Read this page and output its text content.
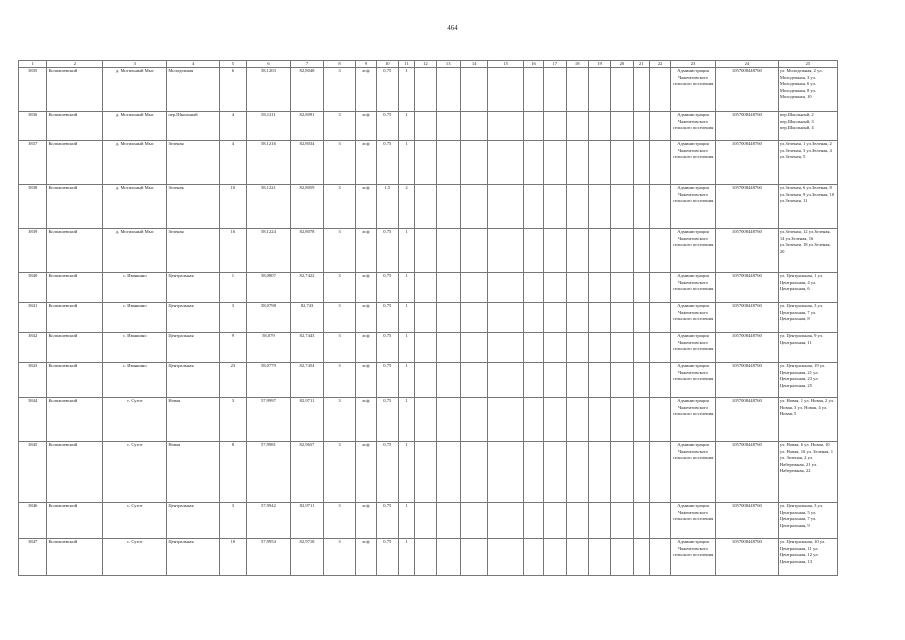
464
1	2	3	4	5	6	7	8	9	10	11	12	13	14	15	16	17	18	19	20	21	22	23	24	25
3835	Колпашевский	д. Могильный Мыс	Молодежная	6	58,1203	82,8048	3	асф	0,75	1												Администрация Чажемтовского сельского поселения	1057008448760	ул. Молодежная, 2 ул. Молодежная, 3 ул. Молодежная, 6 ул. Молодежная, 8 ул. Молодежная, 10
3836	Колпашевский	д. Могильный Мыс	пер.Школьный	4	58,1211	82,8091	3	асф	0,75	1												Администрация Чажемтовского сельского поселения	1057008448760	пер.Школьный, 2 пер.Школьный, 3 пер.Школьный, 4
3837	Колпашевский	д. Могильный Мыс	Зеленая	4	58,1216	82,8034	3	асф	0,75	1												Администрация Чажемтовского сельского поселения	1057008448760	ул.Зеленая, 1 ул.Зеленая, 2 ул.Зеленая, 3 ул.Зеленая, 4 ул.Зеленая, 5
3838	Колпашевский	д. Могильный Мыс	Зеленая	10	58,1221	82,8059	3	асф	1,5	2												Администрация Чажемтовского сельского поселения	1057008448760	ул.Зеленая, 6 ул.Зеленая, 8 ул.Зеленая, 9 ул.Зеленая, 10 ул.Зеленая, 11
3839	Колпашевский	д. Могильный Мыс	Зеленая	16	58,1224	82,8078	3	асф	0,75	1												Администрация Чажемтовского сельского поселения	1057008448760	ул.Зеленая, 12 ул.Зеленая, 14 ул.Зеленая, 16 ул.Зеленая, 18 ул.Зеленая, 20
3840	Колпашевский	с. Иванкино	Центральная	1	58,0807	82,7422	3	асф	0,75	1												Администрация Чажемтовского сельского поселения	1057008448760	ул. Центральная, 1 ул. Центральная, 4 ул. Центральная, 6
3841	Колпашевский	с. Иванкино	Центральная	3	58,0798	82,743	3	асф	0,75	1												Администрация Чажемтовского сельского поселения	1057008448760	ул. Центральная, 3 ул. Центральная, 7 ул. Центральная, 8
3842	Колпашевский	с. Иванкино	Центральная	9	58,079	82,7443	3	асф	0,75	1												Администрация Чажемтовского сельского поселения	1057008448760	ул. Центральная, 9 ул. Центральная, 11
3843	Колпашевский	с. Иванкино	Центральная	23	58,0779	82,7454	3	асф	0,75	1												Администрация Чажемтовского сельского поселения	1057008448760	ул. Центральная, 19 ул. Центральная, 21 ул. Центральная, 23 ул. Центральная, 25
3844	Колпашевский	с. Сугот	Новая	3	57,9997	82,9711	3	асф	0,75	1												Администрация Чажемтовского сельского поселения	1057008448760	ул. Новая, 1 ул. Новая, 2 ул. Новая, 3 ул. Новая, 4 ул. Новая, 5
3845	Колпашевский	с. Сугот	Новая	8	57,9981	82,9657	3	асф	0,75	1												Администрация Чажемтовского сельского поселения	1057008448760	ул. Новая, 6 ул. Новая, 10 ул. Новая, 16 ул. Зеленая, 1 ул. Зеленая, 2 ул. Набережная, 21 ул. Набережная, 22
3846	Колпашевский	с. Сугот	Центральная	3	57,9942	82,9711	3	асф	0,75	1												Администрация Чажемтовского сельского поселения	1057008448760	ул. Центральная, 3 ул. Центральная, 5 ул. Центральная, 7 ул. Центральная, 9
3847	Колпашевский	с. Сугот	Центральная	10	57,9954	82,9718	3	асф	0,75	1												Администрация Чажемтовского сельского поселения	1057008448760	ул. Центральная, 10 ул. Центральная, 11 ул. Центральная, 12 ул. Центральная, 13
